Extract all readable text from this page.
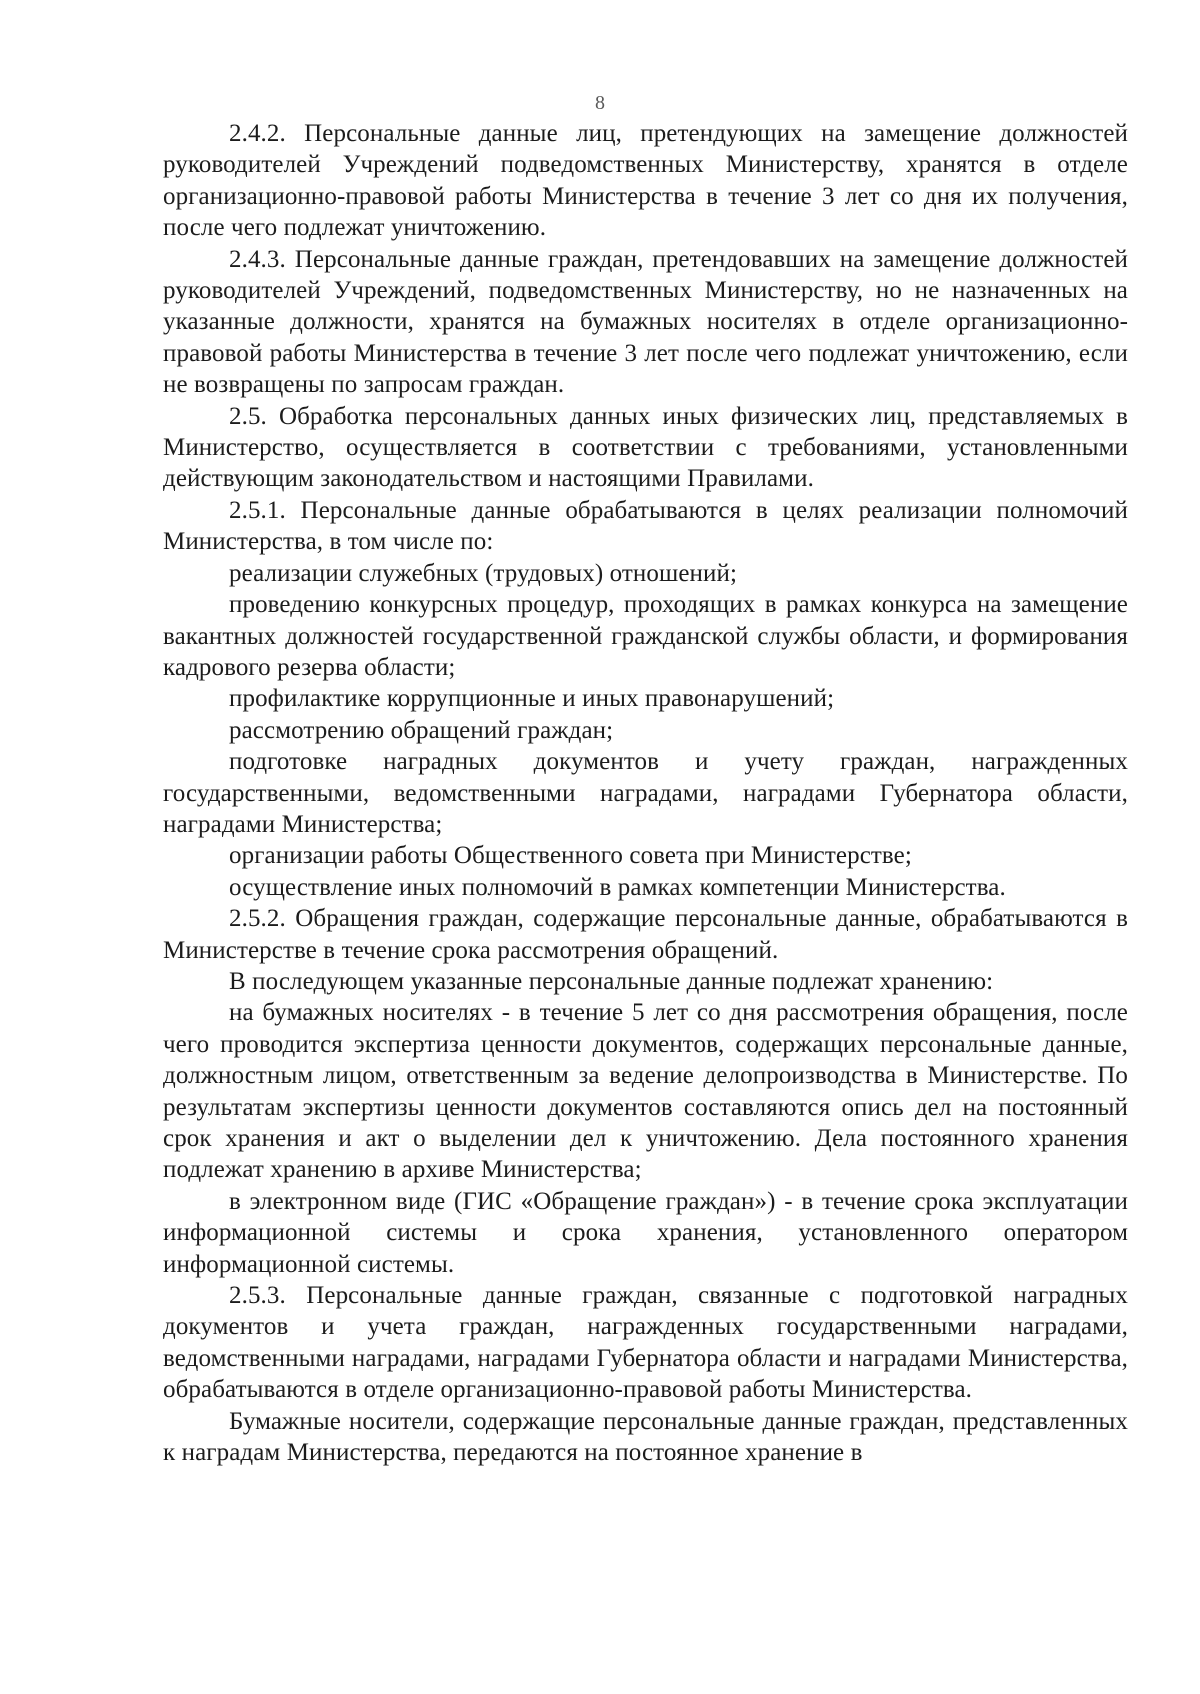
8

2.4.2. Персональные данные лиц, претендующих на замещение должностей руководителей Учреждений подведомственных Министерству, хранятся в отделе организационно-правовой работы Министерства в течение 3 лет со дня их получения, после чего подлежат уничтожению.

2.4.3. Персональные данные граждан, претендовавших на замещение должностей руководителей Учреждений, подведомственных Министерству, но не назначенных на указанные должности, хранятся на бумажных носителях в отделе организационно-правовой работы Министерства в течение 3 лет после чего подлежат уничтожению, если не возвращены по запросам граждан.

2.5. Обработка персональных данных иных физических лиц, представляемых в Министерство, осуществляется в соответствии с требованиями, установленными действующим законодательством и настоящими Правилами.

2.5.1. Персональные данные обрабатываются в целях реализации полномочий Министерства, в том числе по:

реализации служебных (трудовых) отношений;

проведению конкурсных процедур, проходящих в рамках конкурса на замещение вакантных должностей государственной гражданской службы области, и формирования кадрового резерва области;

профилактике коррупционные и иных правонарушений;

рассмотрению обращений граждан;

подготовке наградных документов и учету граждан, награжденных государственными, ведомственными наградами, наградами Губернатора области, наградами Министерства;

организации работы Общественного совета при Министерстве;

осуществление иных полномочий в рамках компетенции Министерства.

2.5.2. Обращения граждан, содержащие персональные данные, обрабатываются в Министерстве в течение срока рассмотрения обращений.

В последующем указанные персональные данные подлежат хранению:

на бумажных носителях - в течение 5 лет со дня рассмотрения обращения, после чего проводится экспертиза ценности документов, содержащих персональные данные, должностным лицом, ответственным за ведение делопроизводства в Министерстве. По результатам экспертизы ценности документов составляются опись дел на постоянный срок хранения и акт о выделении дел к уничтожению. Дела постоянного хранения подлежат хранению в архиве Министерства;

в электронном виде (ГИС «Обращение граждан») - в течение срока эксплуатации информационной системы и срока хранения, установленного оператором информационной системы.

2.5.3. Персональные данные граждан, связанные с подготовкой наградных документов и учета граждан, награжденных государственными наградами, ведомственными наградами, наградами Губернатора области и наградами Министерства, обрабатываются в отделе организационно-правовой работы Министерства.

Бумажные носители, содержащие персональные данные граждан, представленных к наградам Министерства, передаются на постоянное хранение в
